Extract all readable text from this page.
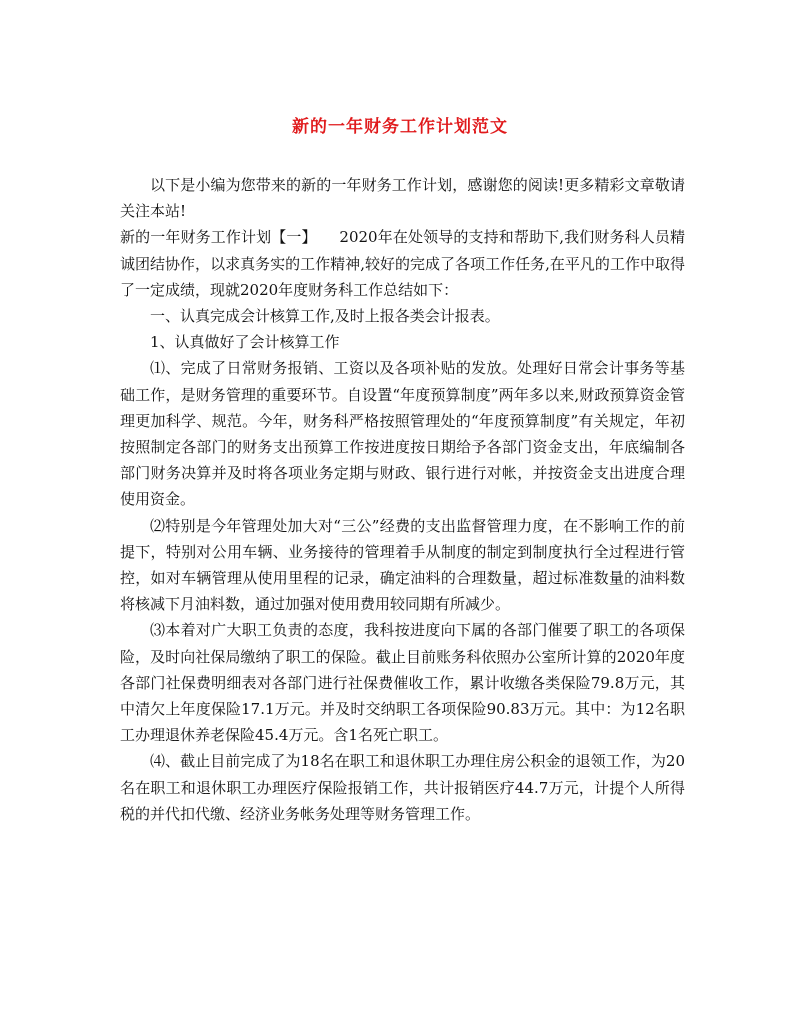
新的一年财务工作计划范文

以下是小编为您带来的新的一年财务工作计划，感谢您的阅读!更多精彩文章敬请关注本站!

新的一年财务工作计划【一】　　2020年在处领导的支持和帮助下,我们财务科人员精诚团结协作，以求真务实的工作精神,较好的完成了各项工作任务,在平凡的工作中取得了一定成绩，现就2020年度财务科工作总结如下：

一、认真完成会计核算工作,及时上报各类会计报表。

1、认真做好了会计核算工作

⑴、完成了日常财务报销、工资以及各项补贴的发放。处理好日常会计事务等基础工作，是财务管理的重要环节。自设置“年度预算制度”两年多以来,财政预算资金管理更加科学、规范。今年，财务科严格按照管理处的“年度预算制度”有关规定，年初按照制定各部门的财务支出预算工作按进度按日期给予各部门资金支出，年底编制各部门财务决算并及时将各项业务定期与财政、银行进行对帐，并按资金支出进度合理使用资金。

⑵特别是今年管理处加大对“三公”经费的支出监督管理力度，在不影响工作的前提下，特别对公用车辆、业务接待的管理着手从制度的制定到制度执行全过程进行管控，如对车辆管理从使用里程的记录，确定油料的合理数量，超过标准数量的油料数将核减下月油料数，通过加强对使用费用较同期有所减少。

⑶本着对广大职工负责的态度，我科按进度向下属的各部门催要了职工的各项保险，及时向社保局缴纳了职工的保险。截止目前账务科依照办公室所计算的2020年度各部门社保费明细表对各部门进行社保费催收工作，累计收缴各类保险79.8万元，其中清欠上年度保险17.1万元。并及时交纳职工各项保险90.83万元。其中：为12名职工办理退休养老保险45.4万元。含1名死亡职工。

⑷、截止目前完成了为18名在职工和退休职工办理住房公积金的退领工作，为20名在职工和退休职工办理医疗保险报销工作，共计报销医疗44.7万元，计提个人所得税的并代扣代缴、经济业务帐务处理等财务管理工作。
